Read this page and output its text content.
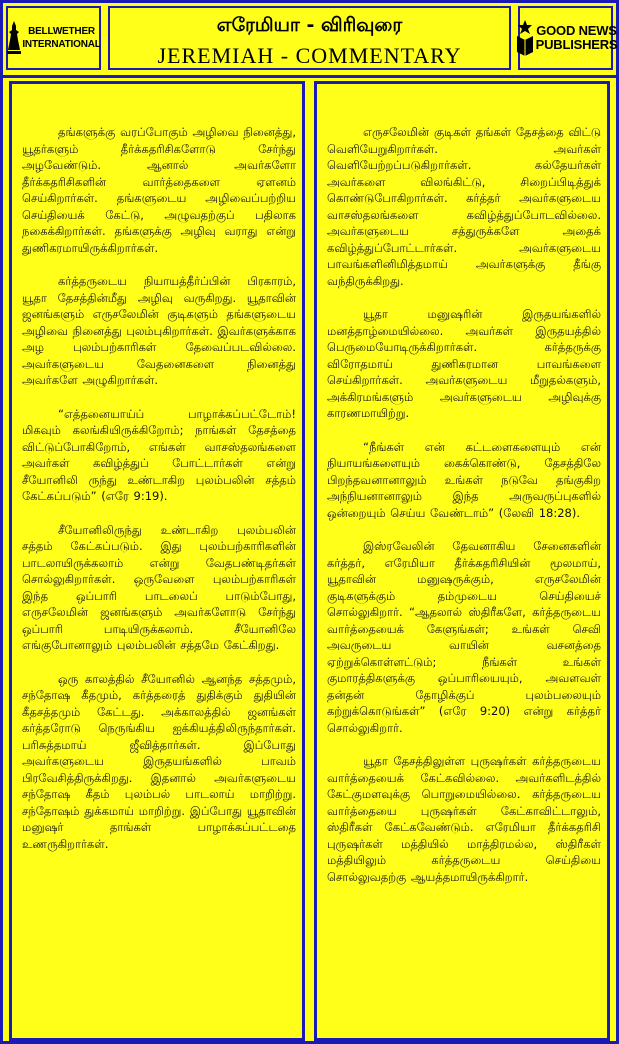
BELLWETHER
INTERNATIONAL
எரேமியா - விரிவுரை
JEREMIAH - COMMENTARY
GOOD NEWS
PUBLISHERS

தங்களுக்கு வரப்போகும் அழிவை நினைத்து, யூதர்களும் தீர்க்கதரிசிகளோடு சேர்ந்து அழவேண்டும். ஆனால் அவர்களோ தீர்க்கதரிசிகளின் வார்த்தைகளை ஏளனம் செய்கிறார்கள். தங்களுடைய அழிவைப்பற்றிய செய்தியைக் கேட்டு, அழுவதற்குப் பதிலாக நகைக்கிறார்கள். தங்களுக்கு அழிவு வராது என்று துணிகரமாயிருக்கிறார்கள்.

கர்த்தருடைய நியாயத்தீர்ப்பின் பிரகாரம், யூதா தேசத்தின்மீது அழிவு வருகிறது. யூதாவின் ஜனங்களும் எருசலேமின் குடிகளும் தங்களுடைய அழிவை நினைத்து புலம்புகிறார்கள். இவர்களுக்காக அழ புலம்பற்காரிகள் தேவைப்படவில்லை. அவர்களுடைய வேதனைகளை நினைத்து அவர்களே அழுகிறார்கள்.

“எத்தனையாய்ப் பாழாக்கப்பட்டோம்! மிகவும் கலங்கியிருக்கிறோம்; நாங்கள் தேசத்தை விட்டுப்போகிறோம், எங்கள் வாசஸ்தலங்களை அவர்கள் கவிழ்த்துப் போட்டார்கள் என்று சீயோனிலி ருந்து உண்டாகிற புலம்பலின் சத்தம் கேட்கப்படும்” (எரே 9:19).

சீயோனிலிருந்து உண்டாகிற புலம்பலின் சத்தம் கேட்கப்படும். இது புலம்பற்காரிகளின் பாடலாயிருக்கலாம் என்று வேதபண்டிதர்கள் சொல்லுகிறார்கள். ஒருவேளை புலம்பற்காரிகள் இந்த ஒப்பாரி பாடலைப் பாடும்போது, எருசலேமின் ஜனங்களும் அவர்களோடு சேர்ந்து ஒப்பாரி பாடியிருக்கலாம். சீயோனிலே எங்குபோனாலும் புலம்பலின் சத்தமே கேட்கிறது.

ஒரு காலத்தில் சீயோனில் ஆனந்த சத்தமும், சந்தோஷ கீதமும், கர்த்தரைத் துதிக்கும் துதியின் கீதசத்தமும் கேட்டது. அக்காலத்தில் ஜனங்கள் கர்த்தரோடு நெருங்கிய ஐக்கியத்திலிருந்தார்கள். பரிசுத்தமாய் ஜீவித்தார்கள். இப்போது அவர்களுடைய இருதயங்களில் பாவம் பிரவேசித்திருக்கிறது. இதனால் அவர்களுடைய சந்தோஷ கீதம் புலம்பல் பாடலாய் மாறிற்று. சந்தோஷம் துக்கமாய் மாறிற்று. இப்போது யூதாவின் மனுஷர் தாங்கள் பாழாக்கப்பட்டதை உணருகிறார்கள்.

எருசலேமின் குடிகள் தங்கள் தேசத்தை விட்டு வெளியேறுகிறார்கள். அவர்கள் வெளியேற்றப்படுகிறார்கள். கல்தேயர்கள் அவர்களை விலங்கிட்டு, சிறைப்பிடித்துக் கொண்டுபோகிறார்கள். கர்த்தர் அவர்களுடைய வாசஸ்தலங்களை கவிழ்த்துப்போடவில்லை. அவர்களுடைய சத்துருக்களே அதைக் கவிழ்த்துப்போட்டார்கள். அவர்களுடைய பாவங்களினிமித்தமாய் அவர்களுக்கு தீங்கு வந்திருக்கிறது.

யூதா மனுஷரின் இருதயங்களில் மனத்தாழ்மையில்லை. அவர்கள் இருதயத்தில் பெருமையோடிருக்கிறார்கள். கர்த்தருக்கு விரோதமாய் துணிகரமான பாவங்களை செய்கிறார்கள். அவர்களுடைய மீறுதல்களும், அக்கிரமங்களும் அவர்களுடைய அழிவுக்கு காரணமாயிற்று.

“நீங்கள் என் கட்டளைகளையும் என் நியாயங்களையும் கைக்கொண்டு, தேசத்திலே பிறந்தவனானாலும் உங்கள் நடுவே தங்குகிற அந்நியனானாலும் இந்த அருவருப்புகளில் ஒன்றையும் செய்ய வேண்டாம்” (லேவி 18:28).

இஸ்ரவேலின் தேவனாகிய சேனைகளின் கர்த்தர், எரேமியா தீர்க்கதரிசியின் மூலமாய், யூதாவின் மனுஷருக்கும், எருசலேமின் குடிகளுக்கும் தம்முடைய செய்தியைச் சொல்லுகிறார். “ஆதலால் ஸ்திரீகளே, கர்த்தருடைய வார்த்தையைக் கேளுங்கள்; உங்கள் செவி அவருடைய வாயின் வசனத்தை ஏற்றுக்கொள்ளட்டும்; நீங்கள் உங்கள் குமாரத்திகளுக்கு ஒப்பாரியையும், அவளவள் தன்தன் தோழிக்குப் புலம்பலையும் கற்றுக்கொடுங்கள்” (எரே 9:20) என்று கர்த்தர் சொல்லுகிறார்.

யூதா தேசத்திலுள்ள புருஷர்கள் கர்த்தருடைய வார்த்தையைக் கேட்கவில்லை. அவர்களிடத்தில் கேட்குமளவுக்கு பொறுமையில்லை. கர்த்தருடைய வார்த்தையை புருஷர்கள் கேட்காவிட்டாலும், ஸ்திரீகள் கேட்கவேண்டும். எரேமியா தீர்க்கதரிசி புருஷர்கள் மத்தியில் மாத்திரமல்ல, ஸ்திரீகள் மத்தியிலும் கர்த்தருடைய செய்தியை சொல்லுவதற்கு ஆயத்தமாயிருக்கிறார்.
